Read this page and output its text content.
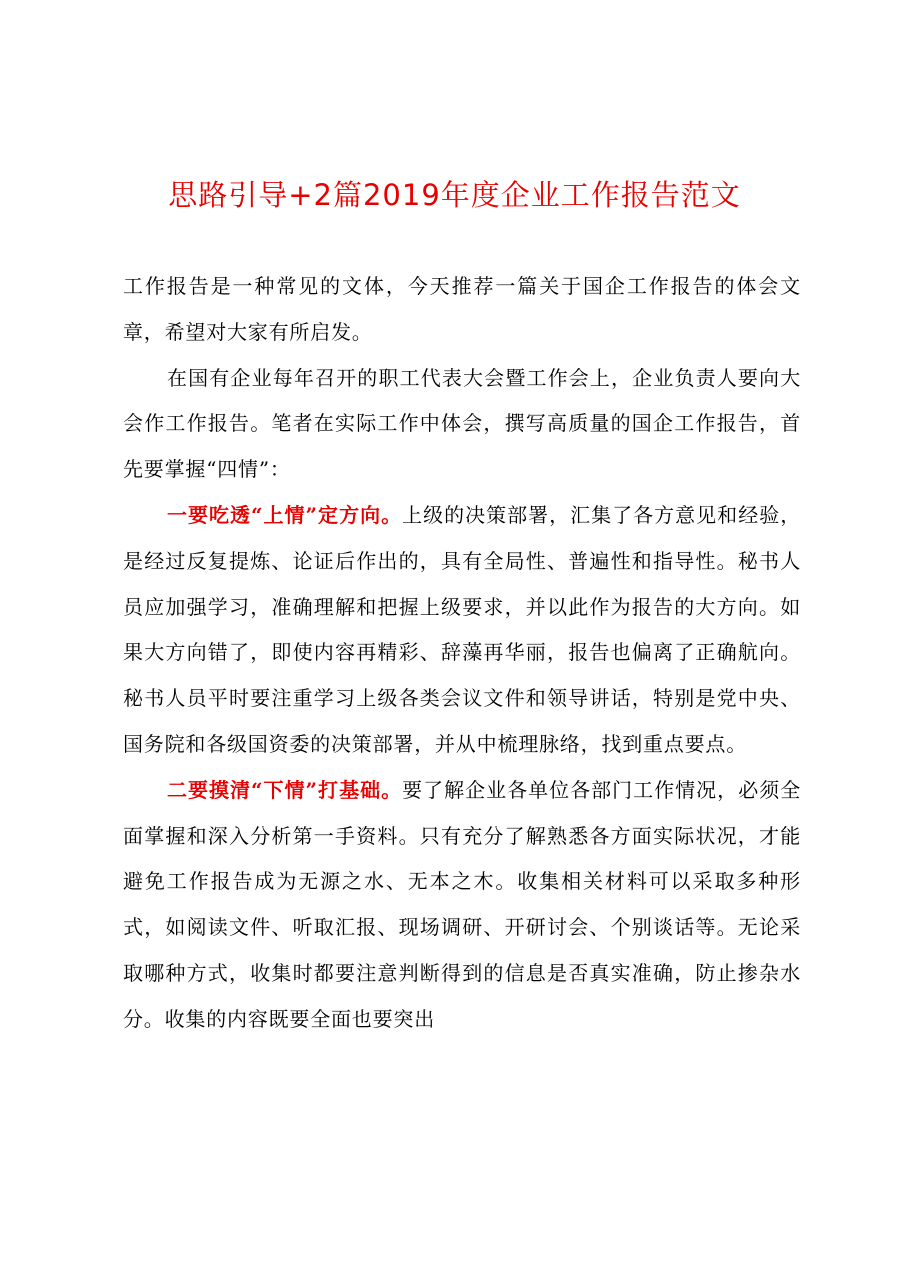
思路引导+2篇2019年度企业工作报告范文

工作报告是一种常见的文体，今天推荐一篇关于国企工作报告的体会文章，希望对大家有所启发。

在国有企业每年召开的职工代表大会暨工作会上，企业负责人要向大会作工作报告。笔者在实际工作中体会，撰写高质量的国企工作报告，首先要掌握“四情”：

一要吃透“上情”定方向。上级的决策部署，汇集了各方意见和经验，是经过反复提炼、论证后作出的，具有全局性、普遍性和指导性。秘书人员应加强学习，准确理解和把握上级要求，并以此作为报告的大方向。如果大方向错了，即使内容再精彩、辞藻再华丽，报告也偏离了正确航向。秘书人员平时要注重学习上级各类会议文件和领导讲话，特别是党中央、国务院和各级国资委的决策部署，并从中梳理脉络，找到重点要点。

二要摸清“下情”打基础。要了解企业各单位各部门工作情况，必须全面掌握和深入分析第一手资料。只有充分了解熟悉各方面实际状况，才能避免工作报告成为无源之水、无本之木。收集相关材料可以采取多种形式，如阅读文件、听取汇报、现场调研、开研讨会、个别谈话等。无论采取哪种方式，收集时都要注意判断得到的信息是否真实准确，防止掺杂水分。收集的内容既要全面也要突出
